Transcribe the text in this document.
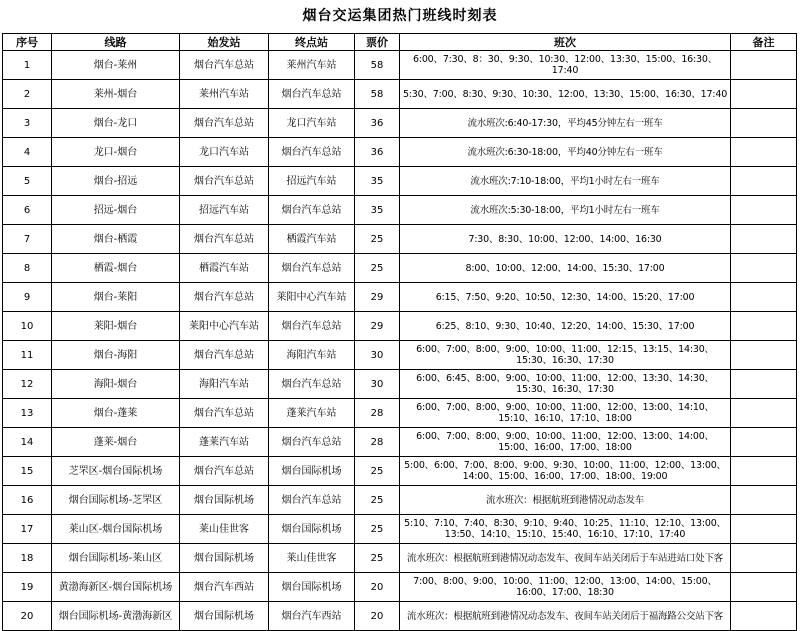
烟台交运集团热门班线时刻表
序号	线路	始发站	终点站	票价	班次	备注
1	烟台-莱州	烟台汽车总站	莱州汽车站	58	6:00、7:30、8：30、9:30、10:30、12:00、13:30、15:00、16:30、17:40	
2	莱州-烟台	莱州汽车站	烟台汽车总站	58	5:30、7:00、8:30、9:30、10:30、12:00、13:30、15:00、16:30、17:40	
3	烟台-龙口	烟台汽车总站	龙口汽车站	36	流水班次:6:40-17:30，平均45分钟左右一班车	
4	龙口-烟台	龙口汽车站	烟台汽车总站	36	流水班次:6:30-18:00，平均40分钟左右一班车	
5	烟台-招远	烟台汽车总站	招远汽车站	35	流水班次:7:10-18:00，平均1小时左右一班车	
6	招远-烟台	招远汽车站	烟台汽车总站	35	流水班次:5:30-18:00，平均1小时左右一班车	
7	烟台-栖霞	烟台汽车总站	栖霞汽车站	25	7:30、8:30、10:00、12:00、14:00、16:30	
8	栖霞-烟台	栖霞汽车站	烟台汽车总站	25	8:00、10:00、12:00、14:00、15:30、17:00	
9	烟台-莱阳	烟台汽车总站	莱阳中心汽车站	29	6:15、7:50、9:20、10:50、12:30、14:00、15:20、17:00	
10	莱阳-烟台	莱阳中心汽车站	烟台汽车总站	29	6:25、8:10、9:30、10:40、12:20、14:00、15:30、17:00	
11	烟台-海阳	烟台汽车总站	海阳汽车站	30	6:00、7:00、8:00、9:00、10:00、11:00、12:15、13:15、14:30、15:30、16:30、17:30	
12	海阳-烟台	海阳汽车站	烟台汽车总站	30	6:00、6:45、8:00、9:00、10:00、11:00、12:00、13:30、14:30、15:30、16:30、17:30	
13	烟台-蓬莱	烟台汽车总站	蓬莱汽车站	28	6:00、7:00、8:00、9:00、10:00、11:00、12:00、13:00、14:10、15:10、16:10、17:10、18:00	
14	蓬莱-烟台	蓬莱汽车站	烟台汽车总站	28	6:00、7:00、8:00、9:00、10:00、11:00、12:00、13:00、14:00、15:00、16:00、17:00、18:00	
15	芝罘区-烟台国际机场	烟台汽车总站	烟台国际机场	25	5:00、6:00、7:00、8:00、9:00、9:30、10:00、11:00、12:00、13:00、14:00、15:00、16:00、17:00、18:00、19:00	
16	烟台国际机场-芝罘区	烟台国际机场	烟台汽车总站	25	流水班次：根据航班到港情况动态发车	
17	莱山区-烟台国际机场	莱山佳世客	烟台国际机场	25	5:10、7:10、7:40、8:30、9:10、9:40、10:25、11:10、12:10、13:00、13:50、14:10、15:10、15:40、16:10、17:10、17:40	
18	烟台国际机场-莱山区	烟台国际机场	莱山佳世客	25	流水班次：根据航班到港情况动态发车、夜间车站关闭后于车站进站口处下客	
19	黄渤海新区-烟台国际机场	烟台汽车西站	烟台国际机场	20	7:00、8:00、9:00、10:00、11:00、12:00、13:00、14:00、15:00、16:00、17:00、18:30	
20	烟台国际机场-黄渤海新区	烟台国际机场	烟台汽车西站	20	流水班次：根据航班到港情况动态发车、夜间车站关闭后于福海路公交站下客	
